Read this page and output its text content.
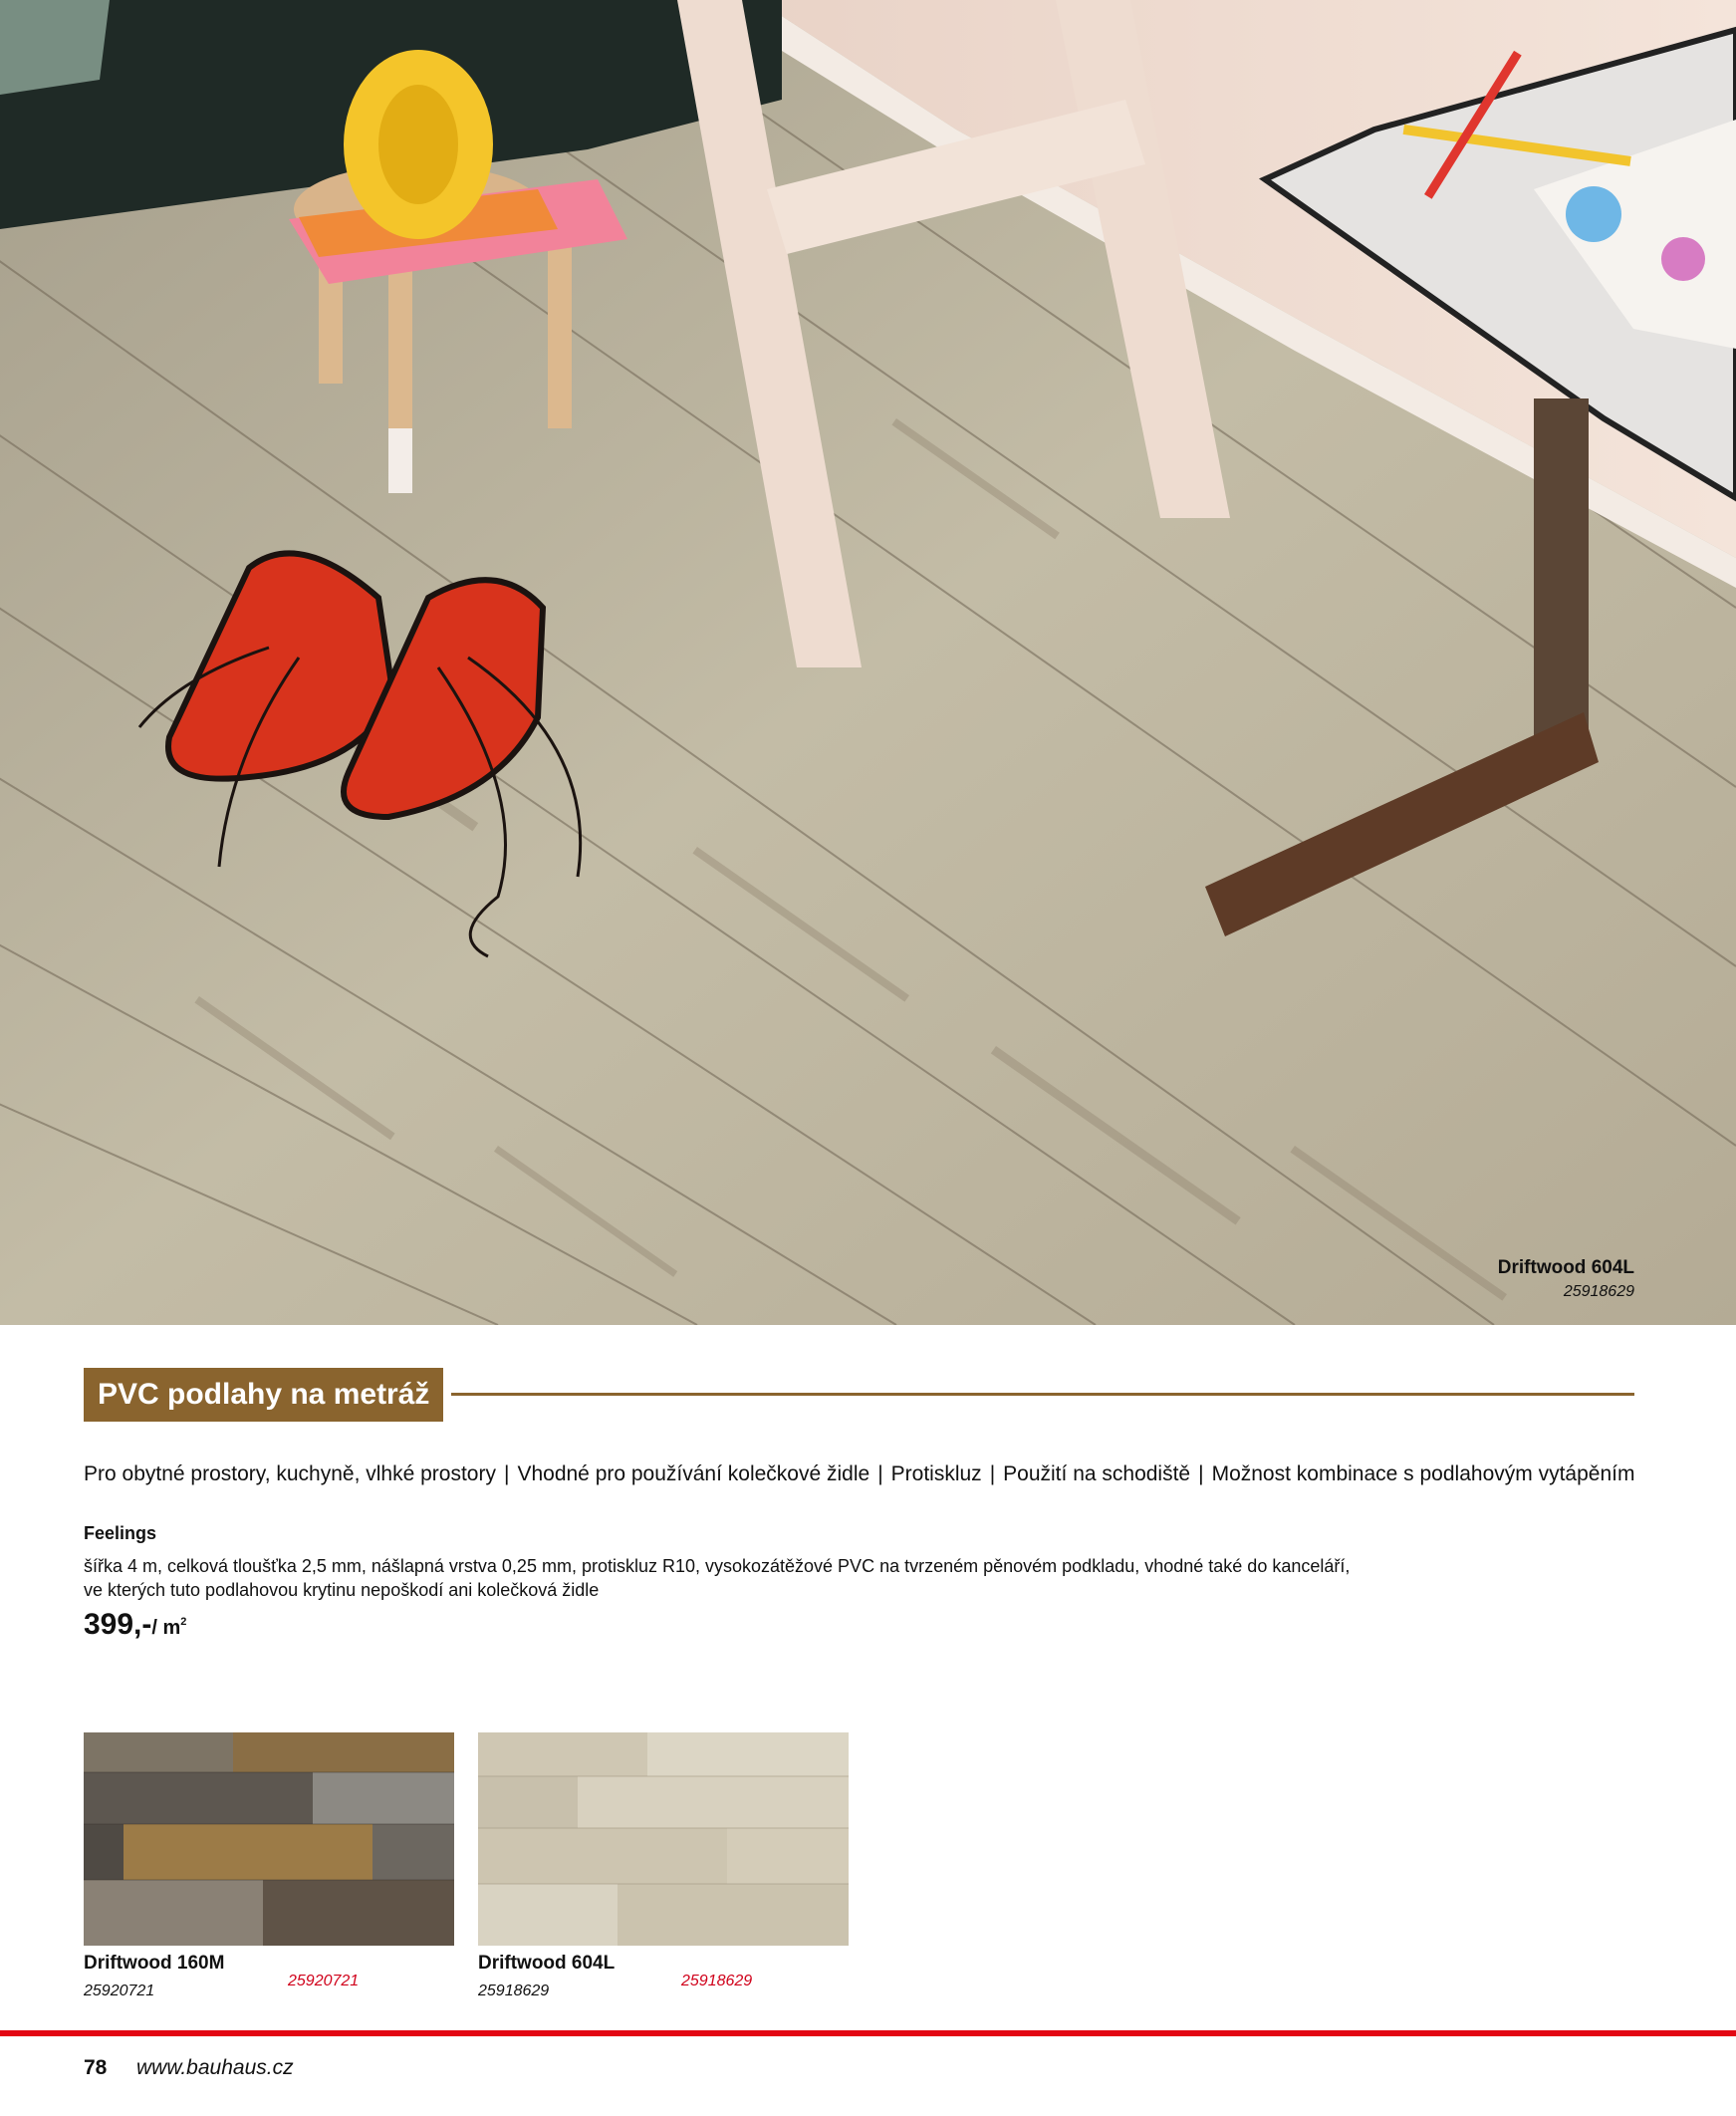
Driftwood 604L
25918629
PVC podlahy na metráž
Pro obytné prostory, kuchyně, vlhké prostory | Vhodné pro používání kolečkové židle | Protiskluz | Použití na schodiště | Možnost kombinace s podlahovým vytápěním
Feelings
šířka 4 m, celková tloušťka 2,5 mm, nášlapná vrstva 0,25 mm, protiskluz R10, vysokozátěžové PVC na tvrzeném pěnovém podkladu, vhodné také do kanceláří,
ve kterých tuto podlahovou krytinu nepoškodí ani kolečková židle
399,-/ $m^2$
Driftwood 160M
25920721
25920721
Driftwood 604L
25918629
25918629
78 www.bauhaus.cz
